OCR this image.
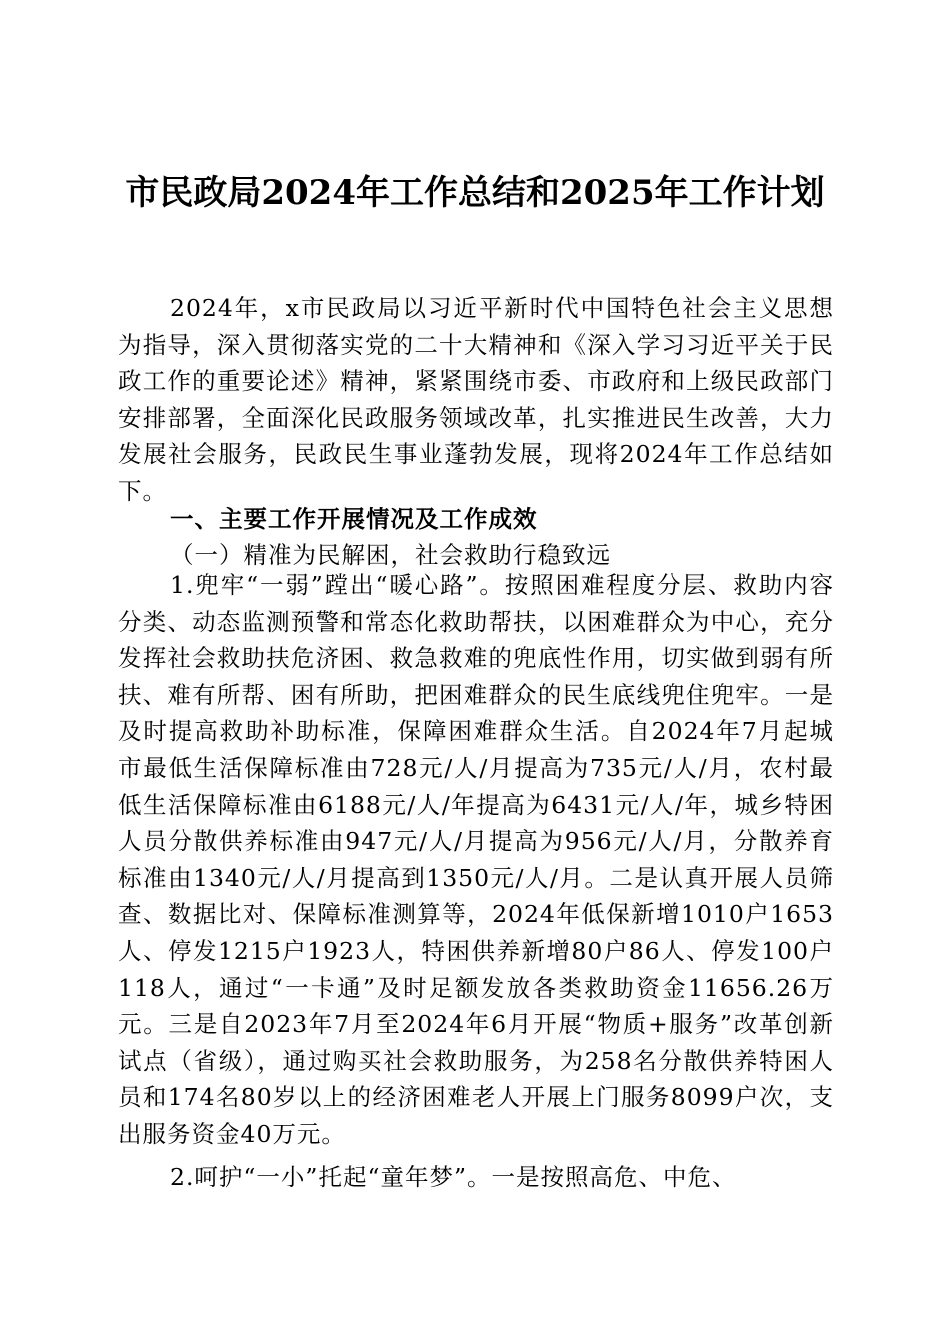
市民政局2024年工作总结和2025年工作计划

2024年，x市民政局以习近平新时代中国特色社会主义思想为指导，深入贯彻落实党的二十大精神和《深入学习习近平关于民政工作的重要论述》精神，紧紧围绕市委、市政府和上级民政部门安排部署，全面深化民政服务领域改革，扎实推进民生改善，大力发展社会服务，民政民生事业蓬勃发展，现将2024年工作总结如下。

一、主要工作开展情况及工作成效
（一）精准为民解困，社会救助行稳致远

1.兜牢“一弱”蹚出“暖心路”。按照困难程度分层、救助内容分类、动态监测预警和常态化救助帮扶，以困难群众为中心，充分发挥社会救助扶危济困、救急救难的兜底性作用，切实做到弱有所扶、难有所帮、困有所助，把困难群众的民生底线兜住兜牢。一是及时提高救助补助标准，保障困难群众生活。自2024年7月起城市最低生活保障标准由728元/人/月提高为735元/人/月，农村最低生活保障标准由6188元/人/年提高为6431元/人/年，城乡特困人员分散供养标准由947元/人/月提高为956元/人/月，分散养育标准由1340元/人/月提高到1350元/人/月。二是认真开展人员筛查、数据比对、保障标准测算等，2024年低保新增1010户1653人、停发1215户1923人，特困供养新增80户86人、停发100户118人，通过“一卡通”及时足额发放各类救助资金11656.26万元。三是自2023年7月至2024年6月开展“物质+服务”改革创新试点（省级），通过购买社会救助服务，为258名分散供养特困人员和174名80岁以上的经济困难老人开展上门服务8099户次，支出服务资金40万元。

2.呵护“一小”托起“童年梦”。一是按照高危、中危、
